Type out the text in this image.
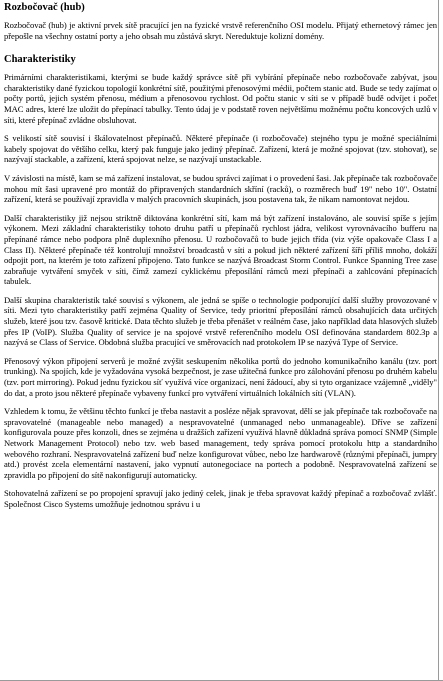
Rozbočovač (hub)

Rozbočovač (hub) je aktivní prvek sítě pracující jen na fyzické vrstvě referenčního OSI modelu. Přijatý ethernetový rámec jen přepošle na všechny ostatní porty a jeho obsah mu zůstává skryt. Nereduktuje kolizní domény.

Charakteristiky

Primárními charakteristikami, kterými se bude každý správce sítě při vybírání přepínače nebo rozbočovače zabývat, jsou charakteristiky dané fyzickou topologií konkrétní sítě, použitými přenosovými médii, počtem stanic atd. Bude se tedy zajímat o počty portů, jejich systém přenosu, médium a přenosovou rychlost. Od počtu stanic v síti se v případě budě odvíjet i počet MAC adres, které lze uložit do přepínací tabulky. Tento údaj je v podstatě roven největšímu možnému počtu koncových uzlů v síti, které přepínač zvládne obsluhovat.

S velikostí sítě souvisí i škálovatelnost přepínačů. Některé přepínače (i rozbočovače) stejného typu je možné speciálními kabely spojovat do většího celku, který pak funguje jako jediný přepínač. Zařízení, která je možné spojovat (tzv. stohovat), se nazývají stackable, a zařízení, která spojovat nelze, se nazývají unstackable.

V závislosti na místě, kam se má zařízení instalovat, se budou správci zajímat i o provedení šasi. Jak přepínače tak rozbočovače mohou mít šasi upravené pro montáž do připravených standardních skříní (racků), o rozměrech buď 19" nebo 10". Ostatní zařízení, která se používají zpravidla v malých pracovních skupinách, jsou postavena tak, že nikam namontovat nejdou.

Další charakteristiky již nejsou striktně diktována konkrétní sítí, kam má být zařízení instalováno, ale souvisí spíše s jejím výkonem. Mezi základní charakteristiky tohoto druhu patří u přepínačů rychlost jádra, velikost vyrovnávacího bufferu na přepínané rámce nebo podpora plně duplexního přenosu. U rozbočovačů to bude jejich třída (viz výše opakovače Class I a Class II). Některé přepínače též kontrolují množství broadcastů v síti a pokud jich některé zařízení šíří příliš mnoho, dokáží odpojit port, na kterém je toto zařízení připojeno. Tato funkce se nazývá Broadcast Storm Control. Funkce Spanning Tree zase zabraňuje vytváření smyček v síti, čímž zamezí cyklickému přeposílání rámců mezi přepínači a zahlcování přepínacích tabulek.

Další skupina charakteristik také souvisí s výkonem, ale jedná se spíše o technologie podporující další služby provozované v síti. Mezi tyto charakteristiky patří zejména Quality of Service, tedy prioritní přeposílání rámců obsahujících data určitých služeb, které jsou tzv. časově kritické. Data těchto služeb je třeba přenášet v reálném čase, jako například data hlasových služeb přes IP (VoIP). Služba Quality of service je na spojové vrstvě referenčního modelu OSI definována standardem 802.3p a nazývá se Class of Service. Obdobná služba pracující ve směrovacích nad protokolem IP se nazývá Type of Service.

Přenosový výkon připojení serverů je možné zvýšit seskupením několika portů do jednoho komunikačního kanálu (tzv. port trunking). Na spojích, kde je vyžadována vysoká bezpečnost, je zase užitečná funkce pro zálohování přenosu po druhém kabelu (tzv. port mirroring). Pokud jednu fyzickou síť využívá více organizací, není žádoucí, aby si tyto organizace vzájemně „viděly" do dat, a proto jsou některé přepínače vybaveny funkcí pro vytváření virtuálních lokálních sítí (VLAN).

Vzhledem k tomu, že většinu těchto funkcí je třeba nastavit a posléze nějak spravovat, dělí se jak přepínače tak rozbočovače na spravovatelné (manageable nebo managed) a nespravovatelné (unmanaged nebo unmanageable). Dříve se zařízení konfigurovala pouze přes konzoli, dnes se zejména u dražších zařízení využívá hlavně důkladná správa pomocí SNMP (Simple Network Management Protocol) nebo tzv. web based management, tedy správa pomocí protokolu http a standardního webového rozhraní. Nespravovatelná zařízení buď nelze konfigurovat vůbec, nebo lze hardwarově (různými přepínači, jumpry atd.) provést zcela elementární nastavení, jako vypnutí autonegociace na portech a podobně. Nespravovatelná zařízení se zpravidla po připojení do sítě nakonfigurují automaticky.

Stohovatelná zařízení se po propojení spravují jako jediný celek, jinak je třeba spravovat každý přepínač a rozbočovač zvlášť. Společnost Cisco Systems umožňuje jednotnou správu i u
